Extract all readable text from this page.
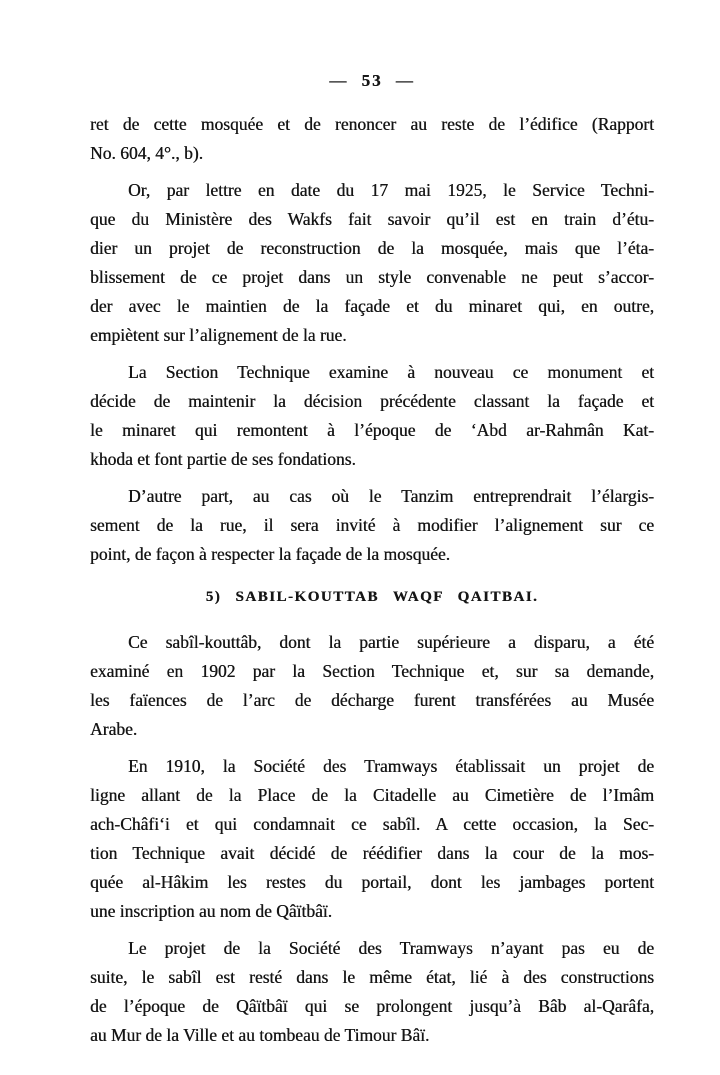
— 53 —
ret de cette mosquée et de renoncer au reste de l’édifice (Rapport
No. 604, 4°., b).
Or, par lettre en date du 17 mai 1925, le Service Techni-
que du Ministère des Wakfs fait savoir qu’il est en train d’étu-
dier un projet de reconstruction de la mosquée, mais que l’éta-
blissement de ce projet dans un style convenable ne peut s’accor-
der avec le maintien de la façade et du minaret qui, en outre,
empiètent sur l’alignement de la rue.
La Section Technique examine à nouveau ce monument et
décide de maintenir la décision précédente classant la façade et
le minaret qui remontent à l’époque de ‘Abd ar-Rahmân Kat-
khoda et font partie de ses fondations.
D’autre part, au cas où le Tanzim entreprendrait l’élargis-
sement de la rue, il sera invité à modifier l’alignement sur ce
point, de façon à respecter la façade de la mosquée.
5) SABIL-KOUTTAB WAQF QAITBAI.
Ce sabîl-kouttâb, dont la partie supérieure a disparu, a été
examiné en 1902 par la Section Technique et, sur sa demande,
les faïences de l’arc de décharge furent transférées au Musée
Arabe.
En 1910, la Société des Tramways établissait un projet de
ligne allant de la Place de la Citadelle au Cimetière de l’Imâm
ach-Châfi‘i et qui condamnait ce sabîl. A cette occasion, la Sec-
tion Technique avait décidé de réédifier dans la cour de la mos-
quée al-Hâkim les restes du portail, dont les jambages portent
une inscription au nom de Qâïtbâï.
Le projet de la Société des Tramways n’ayant pas eu de
suite, le sabîl est resté dans le même état, lié à des constructions
de l’époque de Qâïtbâï qui se prolongent jusqu’à Bâb al-Qarâfa,
au Mur de la Ville et au tombeau de Timour Bâï.
